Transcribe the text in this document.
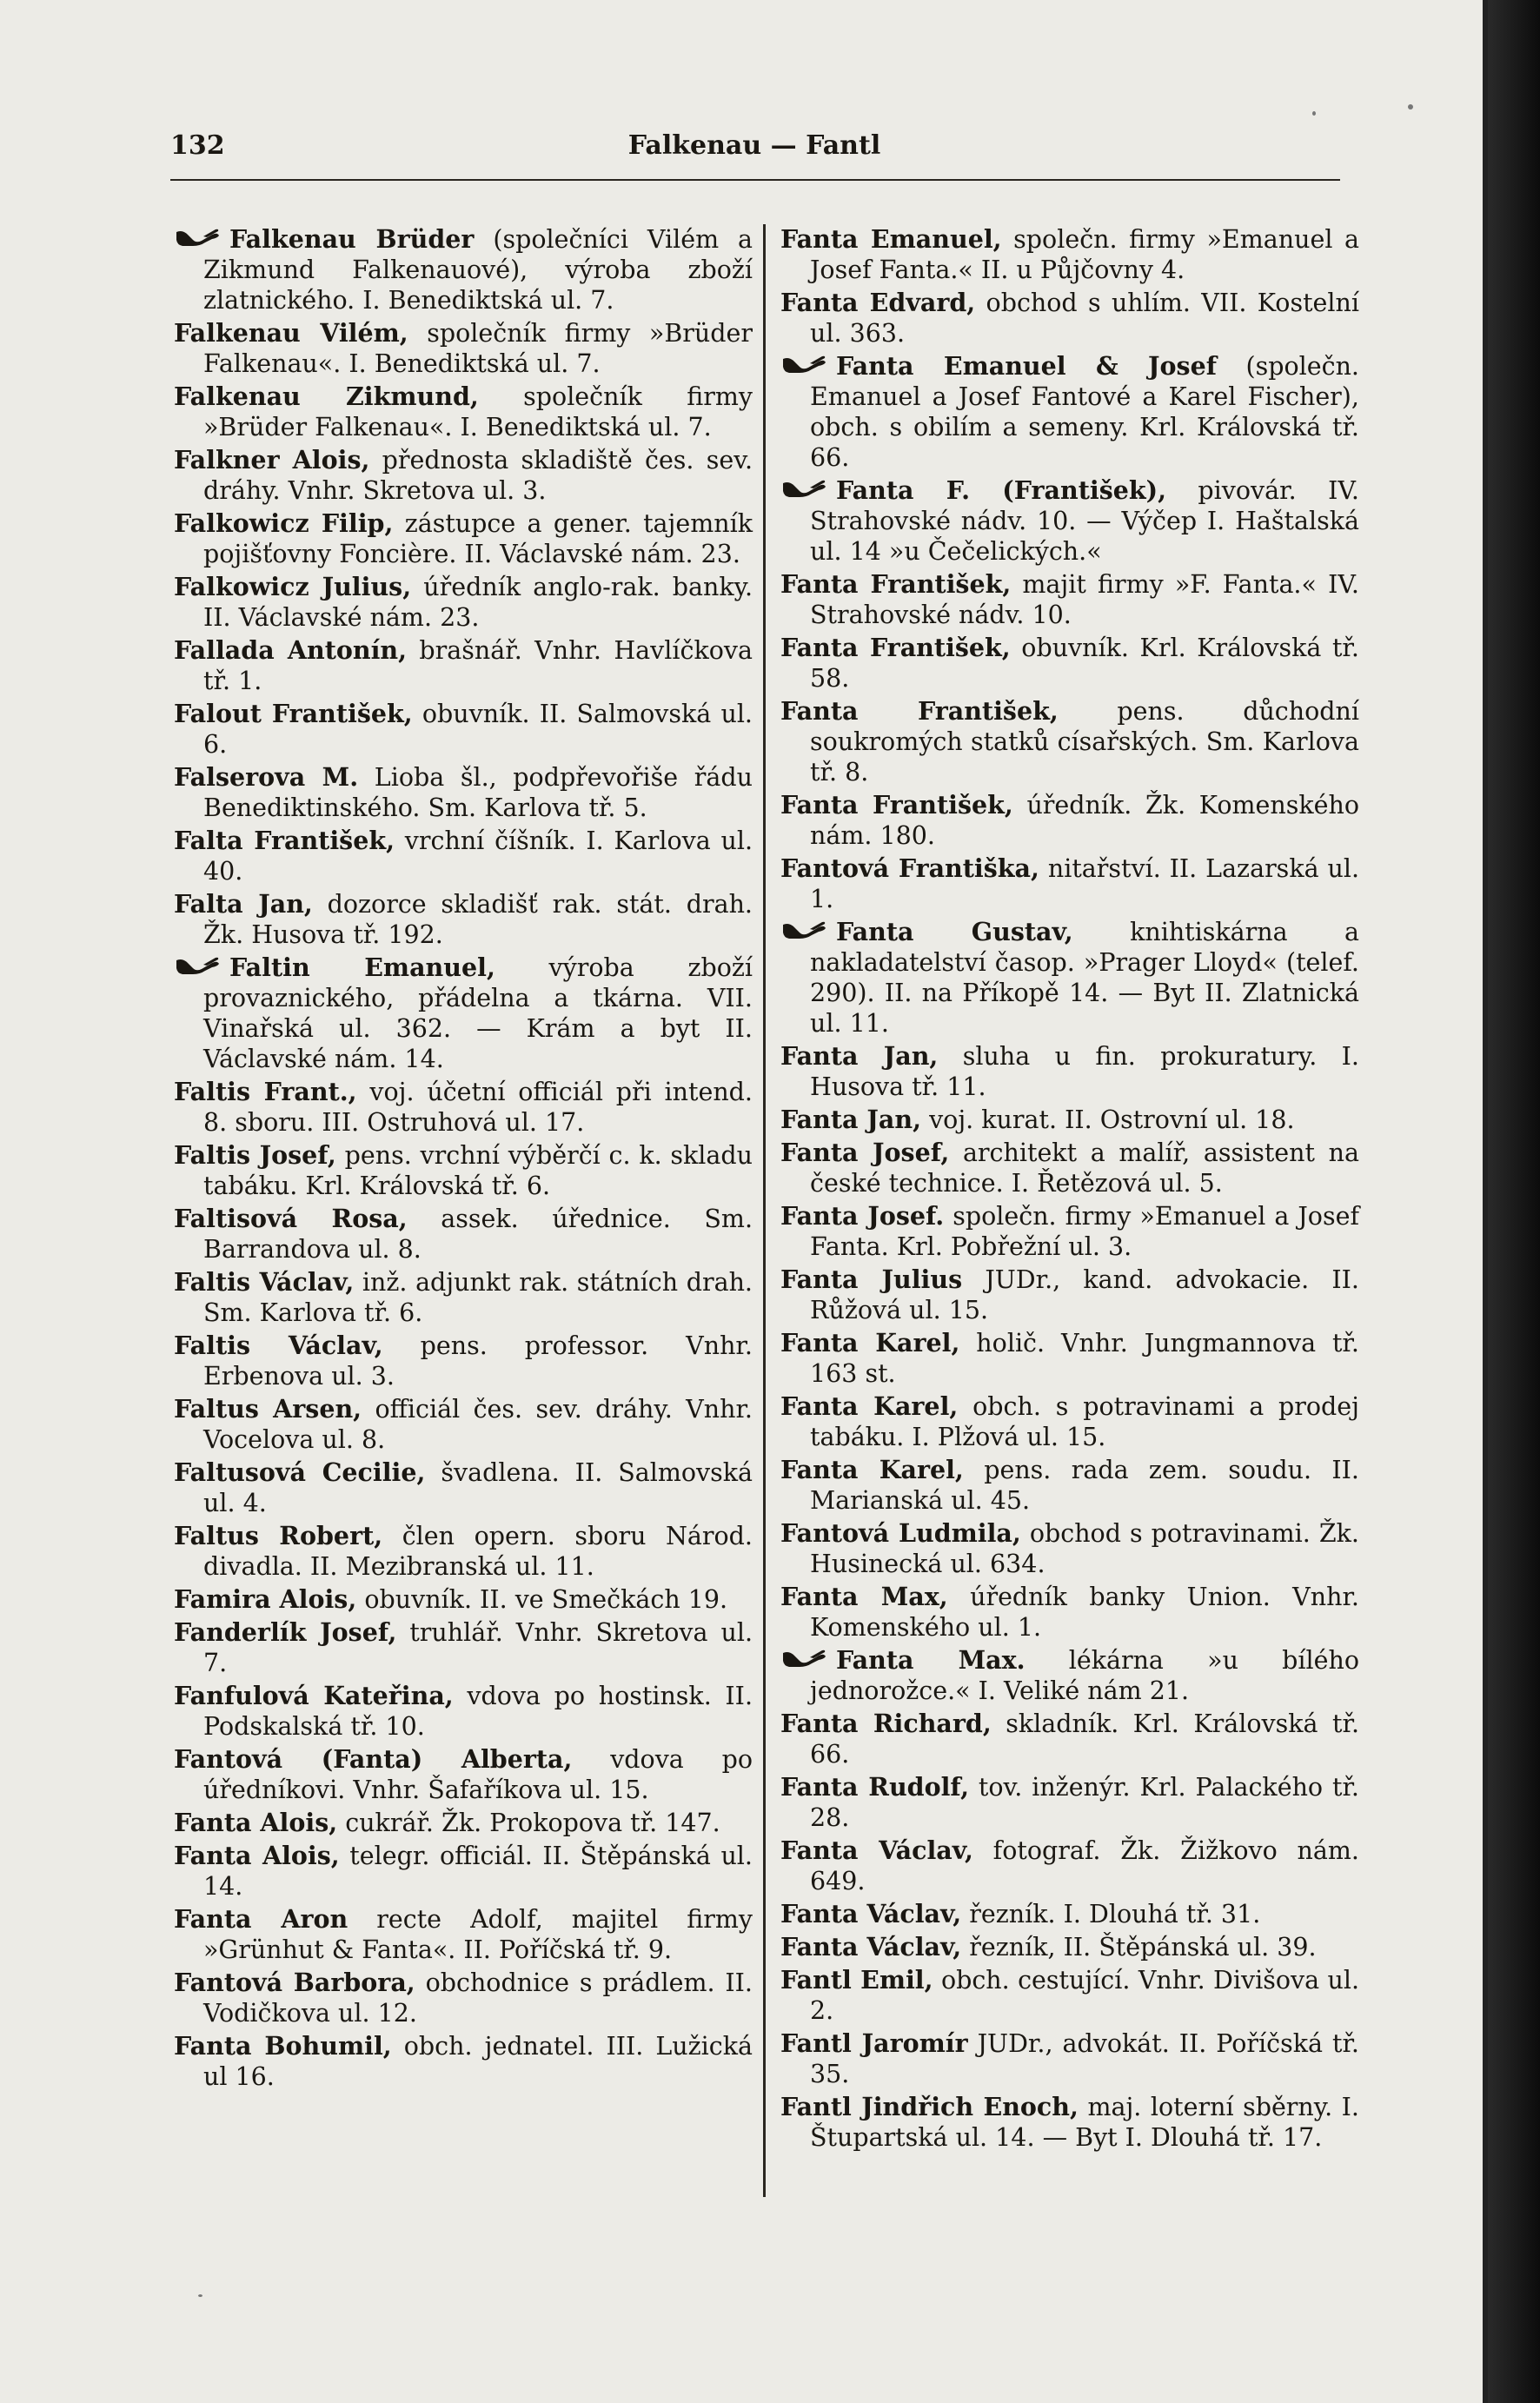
132	Falkenau — Fantl

Falkenau Brüder (společníci Vilém a Zikmund Falkenauové), výroba zboží zlatnického. I. Benediktská ul. 7.

Falkenau Vilém, společník firmy »Brüder Falkenau«. I. Benediktská ul. 7.

Falkenau Zikmund, společník firmy »Brüder Falkenau«. I. Benediktská ul. 7.

Falkner Alois, přednosta skladiště čes. sev. dráhy. Vnhr. Skretova ul. 3.

Falkowicz Filip, zástupce a gener. tajemník pojišťovny Foncière. II. Václavské nám. 23.

Falkowicz Julius, úředník anglo-rak. banky. II. Václavské nám. 23.

Fallada Antonín, brašnář. Vnhr. Havlíčkova tř. 1.

Falout František, obuvník. II. Salmovská ul. 6.

Falserova M. Lioba šl., podpřevořiše řádu Benediktinského. Sm. Karlova tř. 5.

Falta František, vrchní číšník. I. Karlova ul. 40.

Falta Jan, dozorce skladišť rak. stát. drah. Žk. Husova tř. 192.

Faltin Emanuel, výroba zboží provaznického, přádelna a tkárna. VII. Vinařská ul. 362. — Krám a byt II. Václavské nám. 14.

Faltis Frant., voj. účetní officiál při intend. 8. sboru. III. Ostruhová ul. 17.

Faltis Josef, pens. vrchní výběrčí c. k. skladu tabáku. Krl. Královská tř. 6.

Faltisová Rosa, assek. úřednice. Sm. Barrandova ul. 8.

Faltis Václav, inž. adjunkt rak. státních drah. Sm. Karlova tř. 6.

Faltis Václav, pens. professor. Vnhr. Erbenova ul. 3.

Faltus Arsen, officiál čes. sev. dráhy. Vnhr. Vocelova ul. 8.

Faltusová Cecilie, švadlena. II. Salmovská ul. 4.

Faltus Robert, člen opern. sboru Národ. divadla. II. Mezibranská ul. 11.

Famira Alois, obuvník. II. ve Smečkách 19.

Fanderlík Josef, truhlář. Vnhr. Skretova ul. 7.

Fanfulová Kateřina, vdova po hostinsk. II. Podskalská tř. 10.

Fantová (Fanta) Alberta, vdova po úředníkovi. Vnhr. Šafaříkova ul. 15.

Fanta Alois, cukrář. Žk. Prokopova tř. 147.

Fanta Alois, telegr. officiál. II. Štěpánská ul. 14.

Fanta Aron recte Adolf, majitel firmy »Grünhut & Fanta«. II. Poříčská tř. 9.

Fantová Barbora, obchodnice s prádlem. II. Vodičkova ul. 12.

Fanta Bohumil, obch. jednatel. III. Lužická ul 16.

Fanta Emanuel, společn. firmy »Emanuel a Josef Fanta.« II. u Půjčovny 4.

Fanta Edvard, obchod s uhlím. VII. Kostelní ul. 363.

Fanta Emanuel & Josef (společn. Emanuel a Josef Fantové a Karel Fischer), obch. s obilím a semeny. Krl. Královská tř. 66.

Fanta F. (František), pivovár. IV. Strahovské nádv. 10. — Výčep I. Haštalská ul. 14 »u Čečelických.«

Fanta František, majit firmy »F. Fanta.« IV. Strahovské nádv. 10.

Fanta František, obuvník. Krl. Královská tř. 58.

Fanta František, pens. důchodní soukromých statků císařských. Sm. Karlova tř. 8.

Fanta František, úředník. Žk. Komenského nám. 180.

Fantová Františka, nitařství. II. Lazarská ul. 1.

Fanta Gustav, knihtiskárna a nakladatelství časop. »Prager Lloyd« (telef. 290). II. na Příkopě 14. — Byt II. Zlatnická ul. 11.

Fanta Jan, sluha u fin. prokuratury. I. Husova tř. 11.

Fanta Jan, voj. kurat. II. Ostrovní ul. 18.

Fanta Josef, architekt a malíř, assistent na české technice. I. Řetězová ul. 5.

Fanta Josef. společn. firmy »Emanuel a Josef Fanta. Krl. Pobřežní ul. 3.

Fanta Julius JUDr., kand. advokacie. II. Růžová ul. 15.

Fanta Karel, holič. Vnhr. Jungmannova tř. 163 st.

Fanta Karel, obch. s potravinami a prodej tabáku. I. Plžová ul. 15.

Fanta Karel, pens. rada zem. soudu. II. Marianská ul. 45.

Fantová Ludmila, obchod s potravinami. Žk. Husinecká ul. 634.

Fanta Max, úředník banky Union. Vnhr. Komenského ul. 1.

Fanta Max. lékárna »u bílého jednorožce.« I. Veliké nám 21.

Fanta Richard, skladník. Krl. Královská tř. 66.

Fanta Rudolf, tov. inženýr. Krl. Palackého tř. 28.

Fanta Václav, fotograf. Žk. Žižkovo nám. 649.

Fanta Václav, řezník. I. Dlouhá tř. 31.

Fanta Václav, řezník, II. Štěpánská ul. 39.

Fantl Emil, obch. cestující. Vnhr. Divišova ul. 2.

Fantl Jaromír JUDr., advokát. II. Poříčská tř. 35.

Fantl Jindřich Enoch, maj. loterní sběrny. I. Štupartská ul. 14. — Byt I. Dlouhá tř. 17.
